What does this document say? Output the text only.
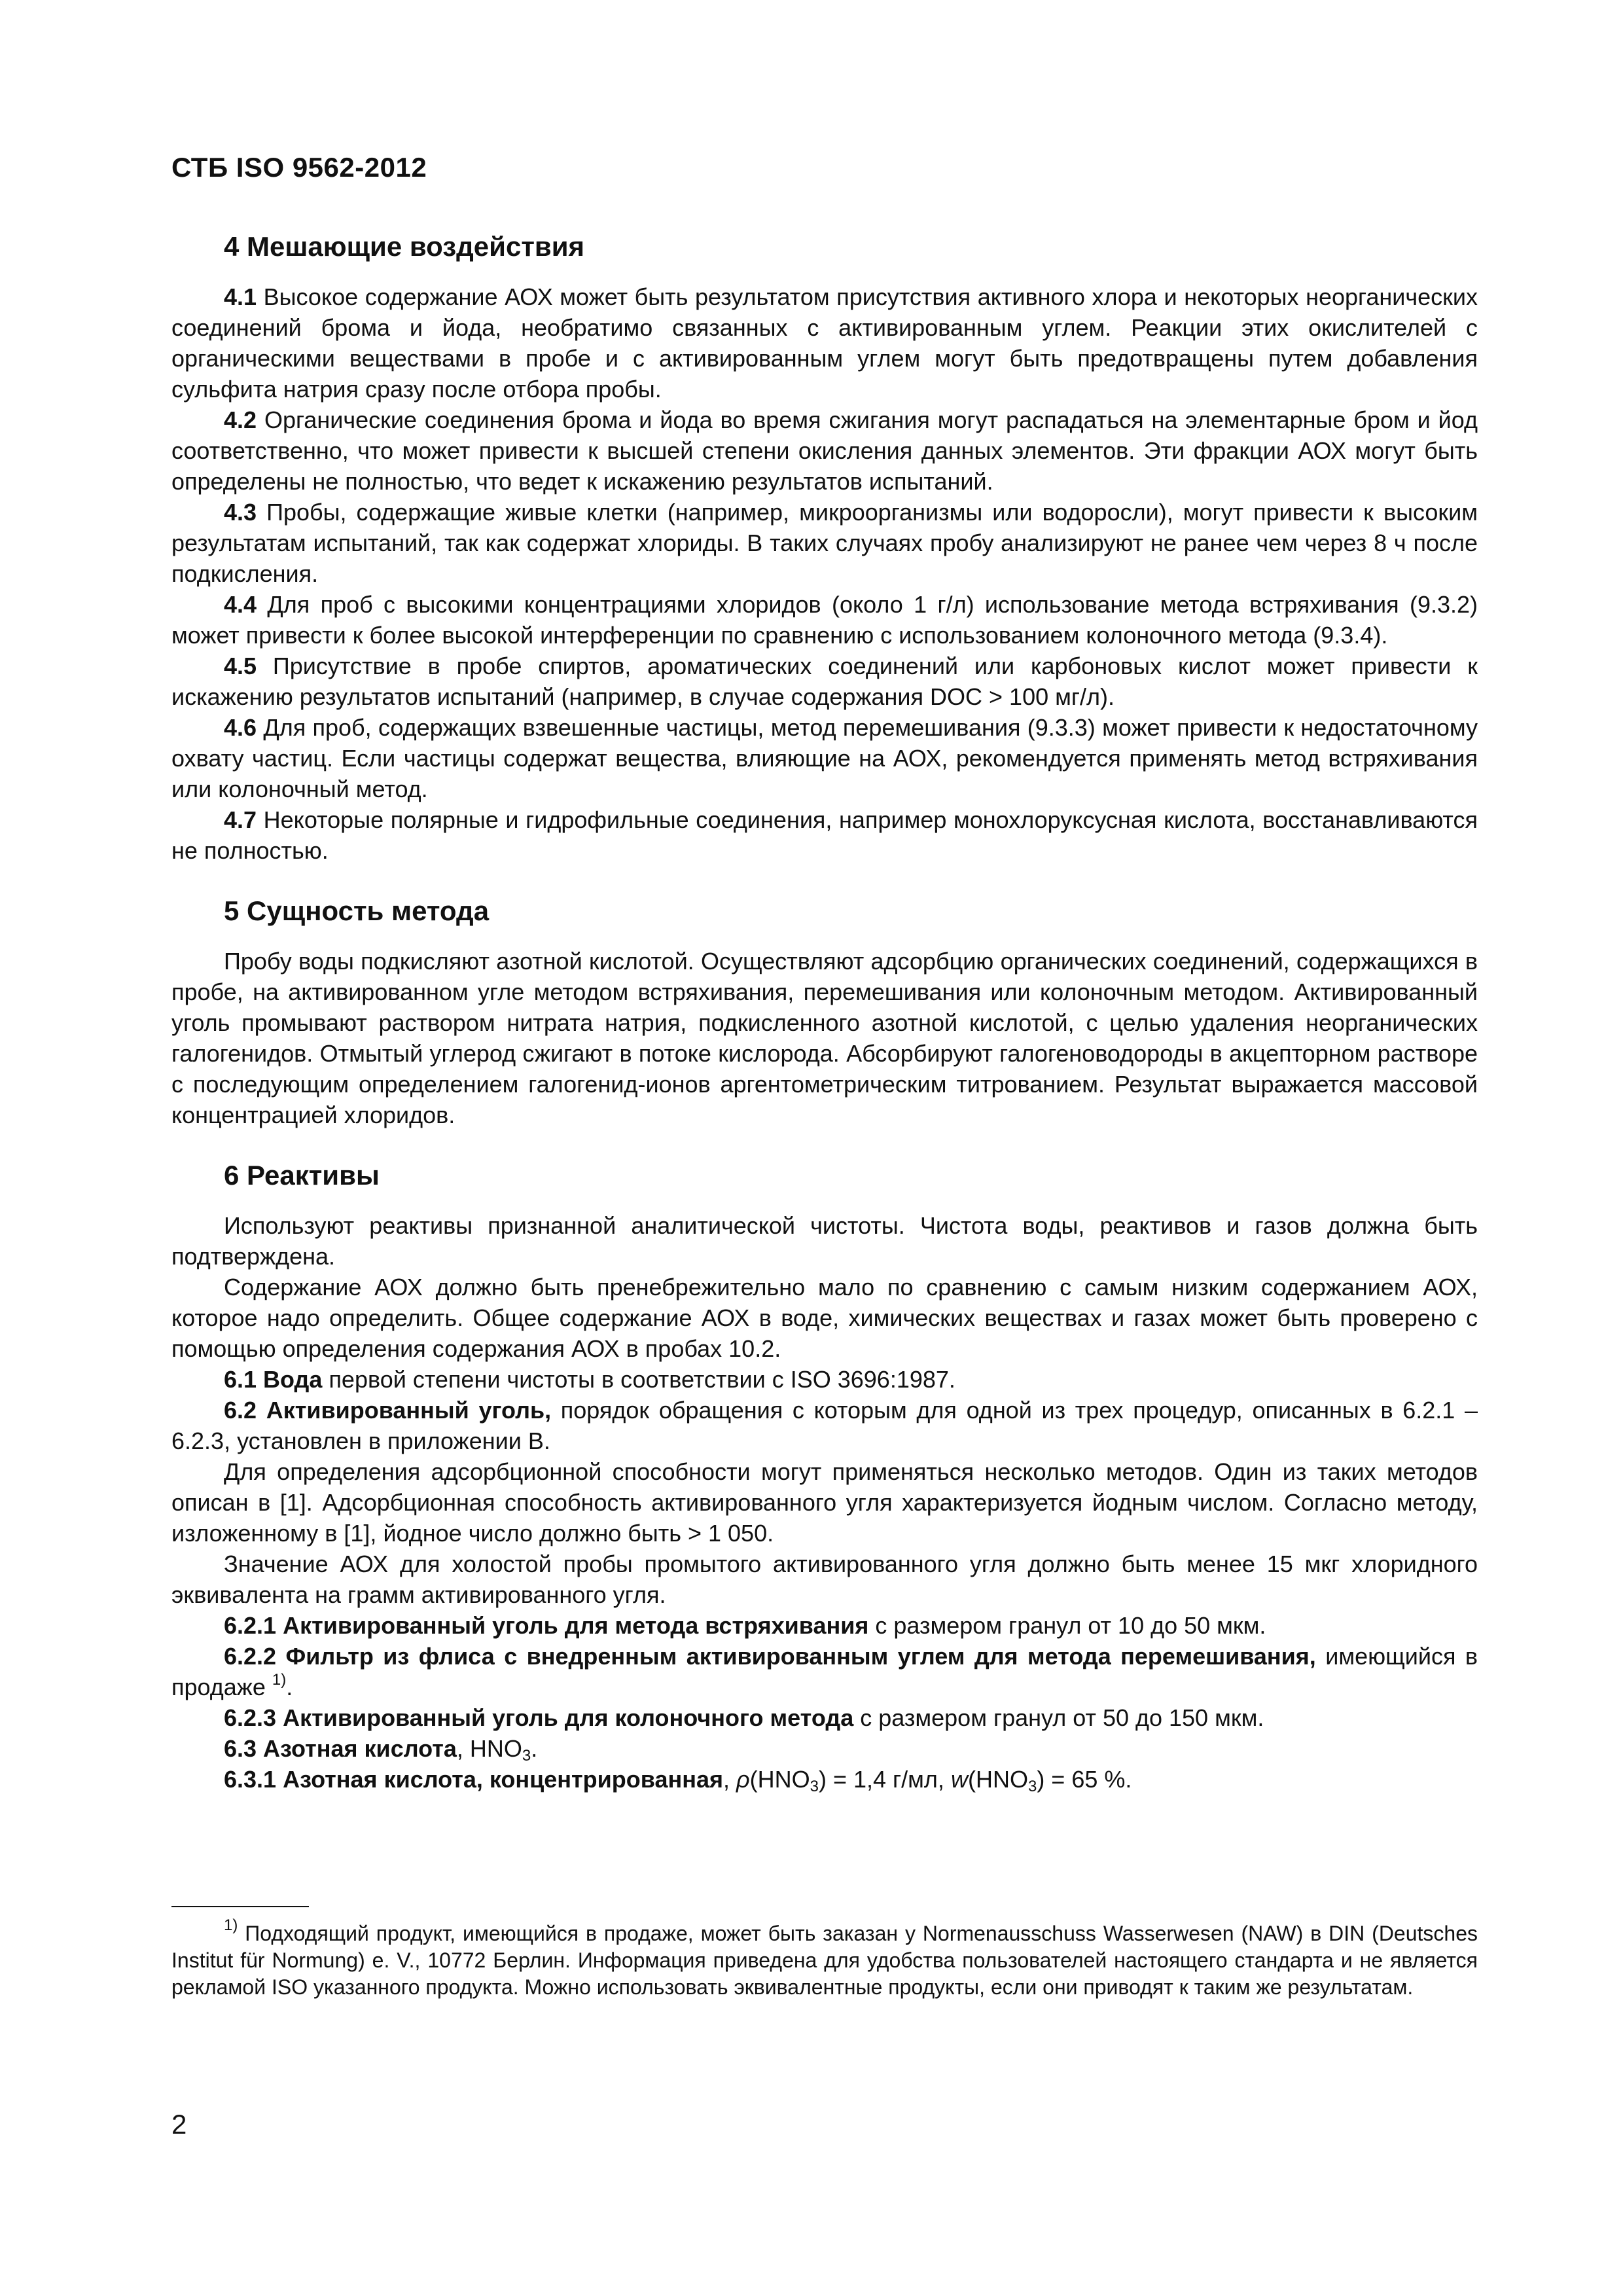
СТБ ISO 9562-2012
4 Мешающие воздействия

4.1 Высокое содержание АОХ может быть результатом присутствия активного хлора и некоторых неорганических соединений брома и йода, необратимо связанных с активированным углем. Реакции этих окислителей с органическими веществами в пробе и с активированным углем могут быть предотвращены путем добавления сульфита натрия сразу после отбора пробы.

4.2 Органические соединения брома и йода во время сжигания могут распадаться на элементарные бром и йод соответственно, что может привести к высшей степени окисления данных элементов. Эти фракции АОХ могут быть определены не полностью, что ведет к искажению результатов испытаний.

4.3 Пробы, содержащие живые клетки (например, микроорганизмы или водоросли), могут привести к высоким результатам испытаний, так как содержат хлориды. В таких случаях пробу анализируют не ранее чем через 8 ч после подкисления.

4.4 Для проб с высокими концентрациями хлоридов (около 1 г/л) использование метода встряхивания (9.3.2) может привести к более высокой интерференции по сравнению с использованием колоночного метода (9.3.4).

4.5 Присутствие в пробе спиртов, ароматических соединений или карбоновых кислот может привести к искажению результатов испытаний (например, в случае содержания DOC > 100 мг/л).

4.6 Для проб, содержащих взвешенные частицы, метод перемешивания (9.3.3) может привести к недостаточному охвату частиц. Если частицы содержат вещества, влияющие на АОХ, рекомендуется применять метод встряхивания или колоночный метод.

4.7 Некоторые полярные и гидрофильные соединения, например монохлоруксусная кислота, восстанавливаются не полностью.

5 Сущность метода

Пробу воды подкисляют азотной кислотой. Осуществляют адсорбцию органических соединений, содержащихся в пробе, на активированном угле методом встряхивания, перемешивания или колоночным методом. Активированный уголь промывают раствором нитрата натрия, подкисленного азотной кислотой, с целью удаления неорганических галогенидов. Отмытый углерод сжигают в потоке кислорода. Абсорбируют галогеноводороды в акцепторном растворе с последующим определением галогенид-ионов аргентометрическим титрованием. Результат выражается массовой концентрацией хлоридов.

6 Реактивы

Используют реактивы признанной аналитической чистоты. Чистота воды, реактивов и газов должна быть подтверждена.

Содержание АОХ должно быть пренебрежительно мало по сравнению с самым низким содержанием АОХ, которое надо определить. Общее содержание АОХ в воде, химических веществах и газах может быть проверено с помощью определения содержания АОХ в пробах 10.2.

6.1 Вода первой степени чистоты в соответствии с ISO 3696:1987.

6.2 Активированный уголь, порядок обращения с которым для одной из трех процедур, описанных в 6.2.1 – 6.2.3, установлен в приложении В.

Для определения адсорбционной способности могут применяться несколько методов. Один из таких методов описан в [1]. Адсорбционная способность активированного угля характеризуется йодным числом. Согласно методу, изложенному в [1], йодное число должно быть > 1 050.

Значение АОХ для холостой пробы промытого активированного угля должно быть менее 15 мкг хлоридного эквивалента на грамм активированного угля.

6.2.1 Активированный уголь для метода встряхивания с размером гранул от 10 до 50 мкм.

6.2.2 Фильтр из флиса с внедренным активированным углем для метода перемешивания, имеющийся в продаже $^{1)}$.

6.2.3 Активированный уголь для колоночного метода с размером гранул от 50 до 150 мкм.

6.3 Азотная кислота, $HNO_3$.

6.3.1 Азотная кислота, концентрированная, $\rho(HNO_3) = 1,4$ г/мл, $w(HNO_3) = 65$ %.

$^{1)}$ Подходящий продукт, имеющийся в продаже, может быть заказан у Normenausschuss Wasserwesen (NAW) в DIN (Deutsches Institut für Normung) e. V., 10772 Берлин. Информация приведена для удобства пользователей настоящего стандарта и не является рекламой ISO указанного продукта. Можно использовать эквивалентные продукты, если они приводят к таким же результатам.

2
